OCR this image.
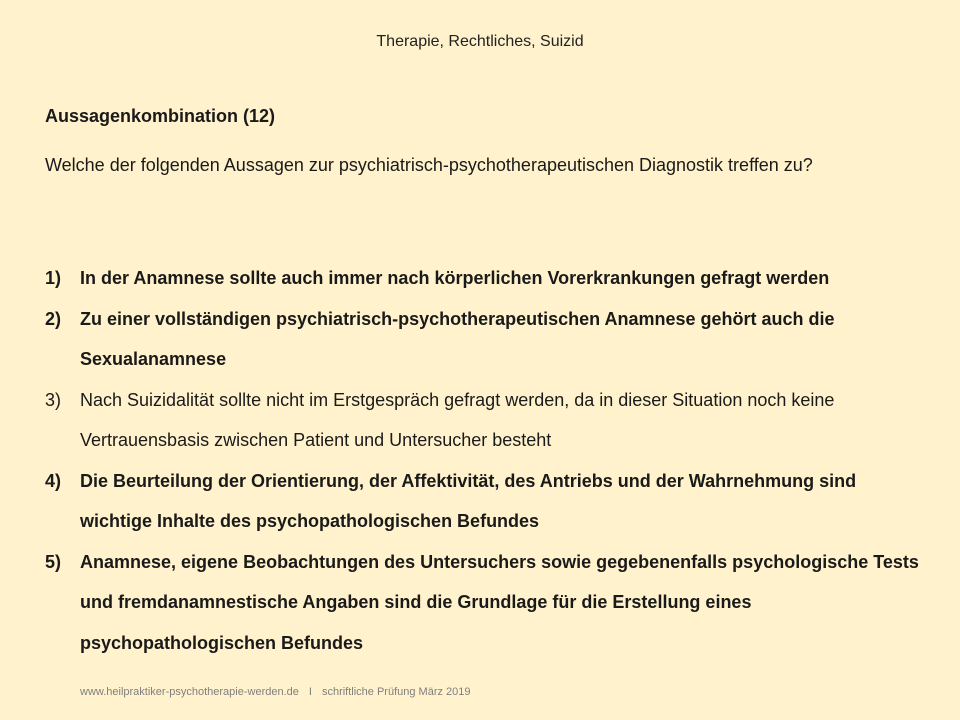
Therapie, Rechtliches, Suizid
Aussagenkombination (12)
Welche der folgenden Aussagen zur psychiatrisch-psychotherapeutischen Diagnostik treffen zu?
1)	In der Anamnese sollte auch immer nach körperlichen Vorerkrankungen gefragt werden
2)	Zu einer vollständigen psychiatrisch-psychotherapeutischen Anamnese gehört auch die Sexualanamnese
3)	Nach Suizidalität sollte nicht im Erstgespräch gefragt werden, da in dieser Situation noch keine Vertrauensbasis zwischen Patient und Untersucher besteht
4)	Die Beurteilung der Orientierung, der Affektivität, des Antriebs und der Wahrnehmung sind wichtige Inhalte des psychopathologischen Befundes
5)	Anamnese, eigene Beobachtungen des Untersuchers sowie gegebenenfalls psychologische Tests und fremdanamnestische Angaben sind die Grundlage für die Erstellung eines psychopathologischen Befundes
www.heilpraktiker-psychotherapie-werden.de I schriftliche Prüfung März 2019
